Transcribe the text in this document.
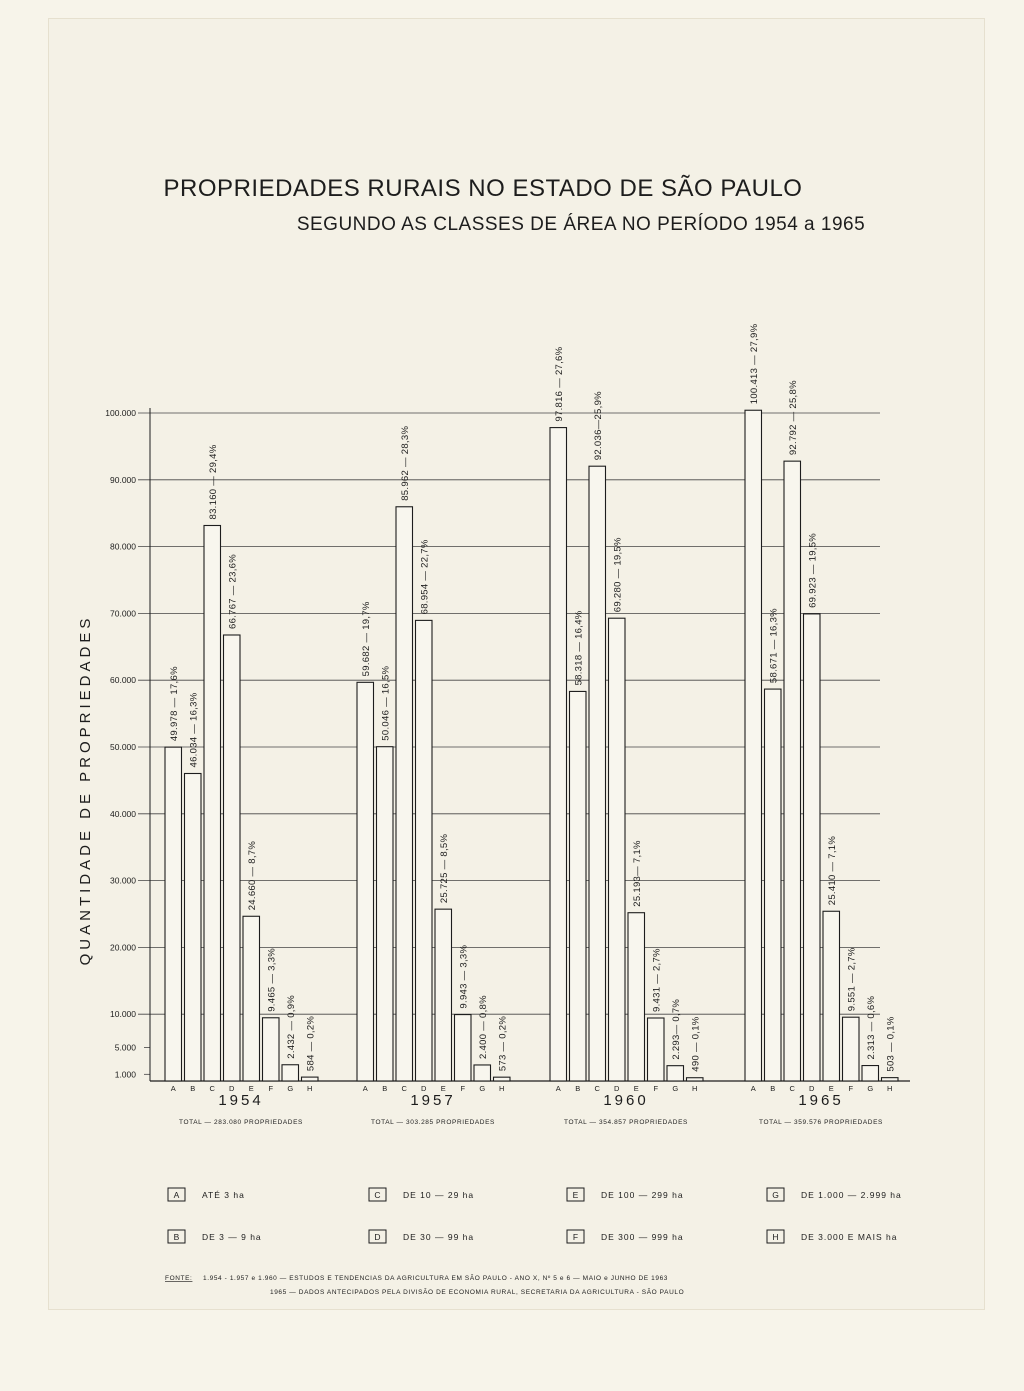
PROPRIEDADES RURAIS NO ESTADO DE SÃO PAULO
SEGUNDO AS CLASSES DE ÁREA NO PERÍODO 1954 a 1965
QUANTIDADE DE PROPRIEDADES
100.000
90.000
80.000
70.000
60.000
50.000
40.000
30.000
20.000
10.000
5.000
1.000
49.978 — 17,6%
A
46.034 — 16,3%
B
83.160 — 29,4%
C
66.767 — 23,6%
D
24.660 — 8,7%
E
9.465 — 3,3%
F
2.432 — 0,9%
G
584 — 0,2%
H
1954
TOTAL — 283.080 PROPRIEDADES
59.682 — 19,7%
A
50.046 — 16,5%
B
85.962 — 28,3%
C
68.954 — 22,7%
D
25.725 — 8,5%
E
9.943 — 3,3%
F
2.400 — 0,8%
G
573 — 0,2%
H
1957
TOTAL — 303.285 PROPRIEDADES
97.816 — 27,6%
A
58.318 — 16,4%
B
92.036—25,9%
C
69.280 — 19,5%
D
25.193— 7,1%
E
9.431 — 2,7%
F
2.293— 0,7%
G
490 — 0,1%
H
1960
TOTAL — 354.857 PROPRIEDADES
100.413 — 27,9%
A
58.671 — 16,3%
B
92.792 — 25,8%
C
69.923 — 19,5%
D
25.410 — 7,1%
E
9.551 — 2,7%
F
2.313 — 0,6%
G
503 — 0,1%
H
1965
TOTAL — 359.576 PROPRIEDADES
A	ATÉ 3 ha
B	DE 3 — 9 ha
C	DE 10 — 29 ha
D	DE 30 — 99 ha
E	DE 100 — 299 ha
F	DE 300 — 999 ha
G	DE 1.000 — 2.999 ha
H	DE 3.000 E MAIS ha
FONTE: 1.954 - 1.957 e 1.960 — ESTUDOS E TENDENCIAS DA AGRICULTURA EM SÃO PAULO - ANO X, Nº 5 e 6 — MAIO e JUNHO DE 1963
1965 — DADOS ANTECIPADOS PELA DIVISÃO DE ECONOMIA RURAL, SECRETARIA DA AGRICULTURA - SÃO PAULO
